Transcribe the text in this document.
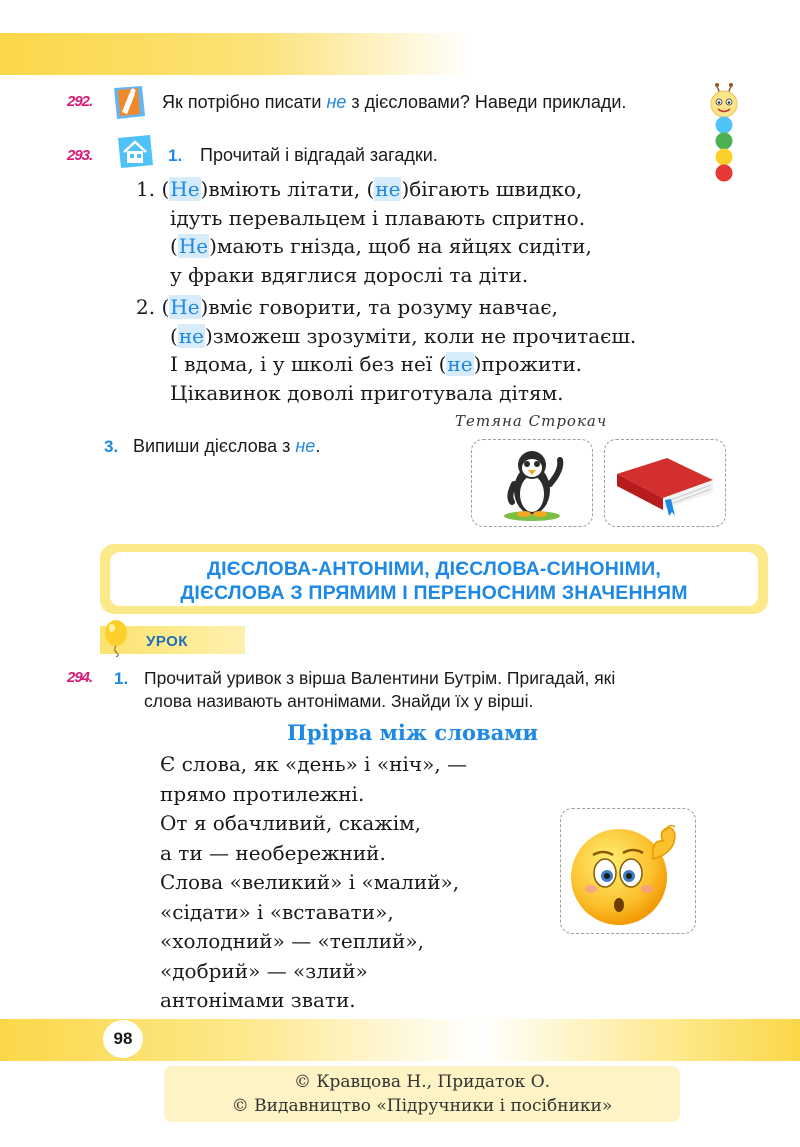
292.	Як потрібно писати не з дієсловами? Наведи приклади.
293.	1. Прочитай і відгадай загадки.
1. (Не)вміють літати, (не)бігають швидко,
ідуть перевальцем і плавають спритно.
(Не)мають гнізда, щоб на яйцях сидіти,
у фраки вдяглися дорослі та діти.
2. (Не)вміє говорити, та розуму навчає,
(не)зможеш зрозуміти, коли не прочитаєш.
І вдома, і у школі без неї (не)прожити.
Цікавинок доволі приготувала дітям.
Тетяна Строкач
3. Випиши дієслова з не.
ДІЄСЛОВА-АНТОНІМИ, ДІЄСЛОВА-СИНОНІМИ,
ДІЄСЛОВА З ПРЯМИМ І ПЕРЕНОСНИМ ЗНАЧЕННЯМ
УРОК
294. 1. Прочитай уривок з вірша Валентини Бутрім. Пригадай, які
слова називають антонімами. Знайди їх у вірші.
Прірва між словами
Є слова, як «день» і «ніч», —
прямо протилежні.
От я обачливий, скажім,
а ти — необережний.
Слова «великий» і «малий»,
«сідати» і «вставати»,
«холодний» — «теплий»,
«добрий» — «злий»
антонімами звати.
98
© Кравцова Н., Придаток О.
© Видавництво «Підручники і посібники»
